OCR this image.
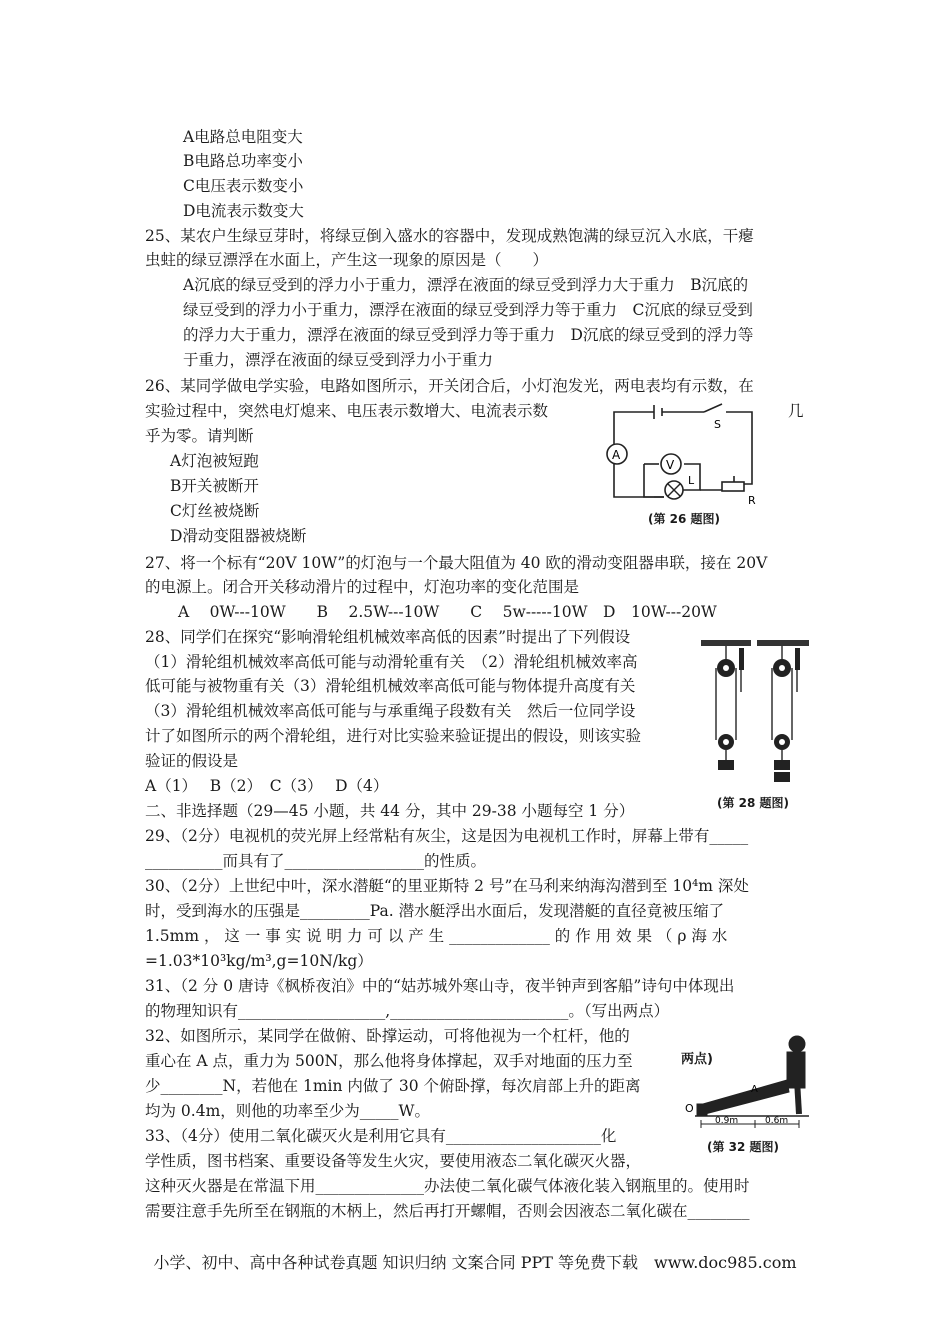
A电路总电阻变大
B电路总功率变小
C电压表示数变小
D电流表示数变大
25、某农户生绿豆芽时，将绿豆倒入盛水的容器中，发现成熟饱满的绿豆沉入水底，干瘪
虫蛀的绿豆漂浮在水面上，产生这一现象的原因是（　　）
A沉底的绿豆受到的浮力小于重力，漂浮在液面的绿豆受到浮力大于重力　B沉底的
绿豆受到的浮力小于重力，漂浮在液面的绿豆受到浮力等于重力　C沉底的绿豆受到
的浮力大于重力，漂浮在液面的绿豆受到浮力等于重力　D沉底的绿豆受到的浮力等
于重力，漂浮在液面的绿豆受到浮力小于重力
26、某同学做电学实验，电路如图所示，开关闭合后，小灯泡发光，两电表均有示数，在
实验过程中，突然电灯熄来、电压表示数增大、电流表示数	几
乎为零。请判断
A灯泡被短跑
B开关被断开
C灯丝被烧断
D滑动变阻器被烧断
A
V
S
L
R
(第 26 题图)
27、将一个标有“20V 10W”的灯泡与一个最大阻值为 40 欧的滑动变阻器串联，接在 20V
的电源上。闭合开关移动滑片的过程中，灯泡功率的变化范围是
A　 0W---10W　　B　 2.5W---10W　　C　 5w-----10W　D　10W---20W
28、同学们在探究“影响滑轮组机械效率高低的因素”时提出了下列假设
（1）滑轮组机械效率高低可能与动滑轮重有关　（2）滑轮组机械效率高
低可能与被物重有关（3）滑轮组机械效率高低可能与物体提升高度有关
（3）滑轮组机械效率高低可能与与承重绳子段数有关　然后一位同学设
计了如图所示的两个滑轮组，进行对比实验来验证提出的假设，则该实验
验证的假设是
A（1）　 B（2）　C（3）　 D（4）
(第 28 题图)
二、非选择题（29—45 小题，共 44 分，其中 29-38 小题每空 1 分）
29、（2分）电视机的荧光屏上经常粘有灰尘，这是因为电视机工作时，屏幕上带有_____
__________而具有了__________________的性质。
30、（2分）上世纪中叶，深水潜艇“的里亚斯特 2 号”在马利来纳海沟潜到至 10⁴m 深处
时，受到海水的压强是_________Pa. 潜水艇浮出水面后，发现潜艇的直径竟被压缩了
1.5mm ， 这 一 事 实 说 明 力 可 以 产 生 _____________ 的 作 用 效 果 （ ρ 海 水
=1.03*10³kg/m³,g=10N/kg）
31、（2 分 0 唐诗《枫桥夜泊》中的“姑苏城外寒山寺，夜半钟声到客船”诗句中体现出
的物理知识有___________________,_______________________。（写出两点）
32、如图所示，某同学在做俯、卧撑运动，可将他视为一个杠杆，他的
重心在 A 点，重力为 500N，那么他将身体撑起，双手对地面的压力至
少________N，若他在 1min 内做了 30 个俯卧撑，每次肩部上升的距离
均为 0.4m，则他的功率至少为_____W。
两点)
O
A
0.9m	0.6m
(第 32 题图)
33、（4分）使用二氧化碳灭火是利用它具有____________________化
学性质，图书档案、重要设备等发生火灾，要使用液态二氧化碳灭火器，
这种灭火器是在常温下用______________办法使二氧化碳气体液化装入钢瓶里的。使用时
需要注意手先所至在钢瓶的木柄上，然后再打开螺帽，否则会因液态二氧化碳在________
小学、初中、高中各种试卷真题 知识归纳 文案合同 PPT 等免费下载　www.doc985.com
